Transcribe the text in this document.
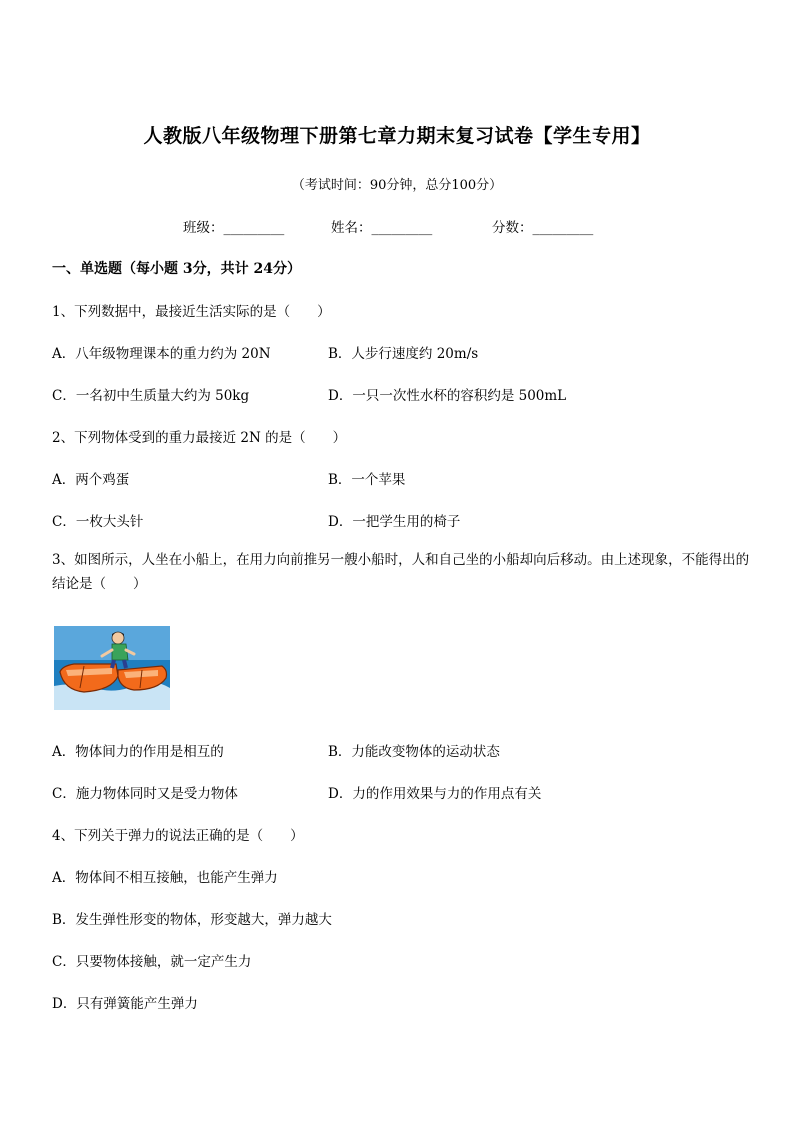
人教版八年级物理下册第七章力期末复习试卷【学生专用】
（考试时间：90分钟，总分100分）
班级：_________	姓名：_________	分数：_________
一、单选题（每小题 3分，共计 24分）
1、下列数据中，最接近生活实际的是（　　）
A．八年级物理课本的重力约为 20N	B．人步行速度约 20m/s
C．一名初中生质量大约为 50kg	D．一只一次性水杯的容积约是 500mL
2、下列物体受到的重力最接近 2N 的是（　　）
A．两个鸡蛋	B．一个苹果
C．一枚大头针	D．一把学生用的椅子
3、如图所示，人坐在小船上，在用力向前推另一艘小船时，人和自己坐的小船却向后移动。由上述现象，不能得出的结论是（　　）
A．物体间力的作用是相互的	B．力能改变物体的运动状态
C．施力物体同时又是受力物体	D．力的作用效果与力的作用点有关
4、下列关于弹力的说法正确的是（　　）
A．物体间不相互接触，也能产生弹力
B．发生弹性形变的物体，形变越大，弹力越大
C．只要物体接触，就一定产生力
D．只有弹簧能产生弹力
